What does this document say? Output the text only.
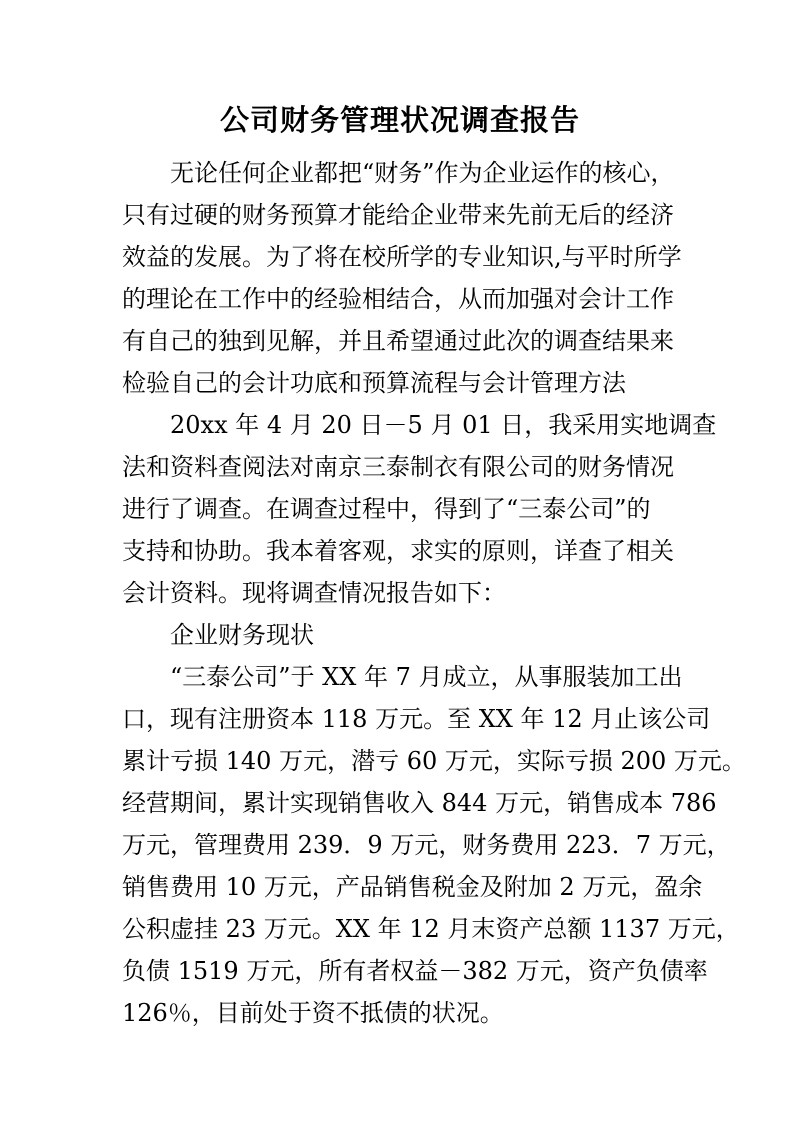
公司财务管理状况调查报告
无论任何企业都把“财务”作为企业运作的核心，
只有过硬的财务预算才能给企业带来先前无后的经济
效益的发展。为了将在校所学的专业知识,与平时所学
的理论在工作中的经验相结合，从而加强对会计工作
有自己的独到见解，并且希望通过此次的调查结果来
检验自己的会计功底和预算流程与会计管理方法
20xx 年 4 月 20 日－5 月 01 日，我采用实地调查
法和资料查阅法对南京三泰制衣有限公司的财务情况
进行了调查。在调查过程中，得到了“三泰公司”的
支持和协助。我本着客观，求实的原则，详查了相关
会计资料。现将调查情况报告如下：
企业财务现状
“三泰公司”于 XX 年 7 月成立，从事服装加工出
口，现有注册资本 118 万元。至 XX 年 12 月止该公司
累计亏损 140 万元，潜亏 60 万元，实际亏损 200 万元。
经营期间，累计实现销售收入 844 万元，销售成本 786
万元，管理费用 239．9 万元，财务费用 223．7 万元，
销售费用 10 万元，产品销售税金及附加 2 万元，盈余
公积虚挂 23 万元。XX 年 12 月末资产总额 1137 万元，
负债 1519 万元，所有者权益－382 万元，资产负债率
126％，目前处于资不抵债的状况。
